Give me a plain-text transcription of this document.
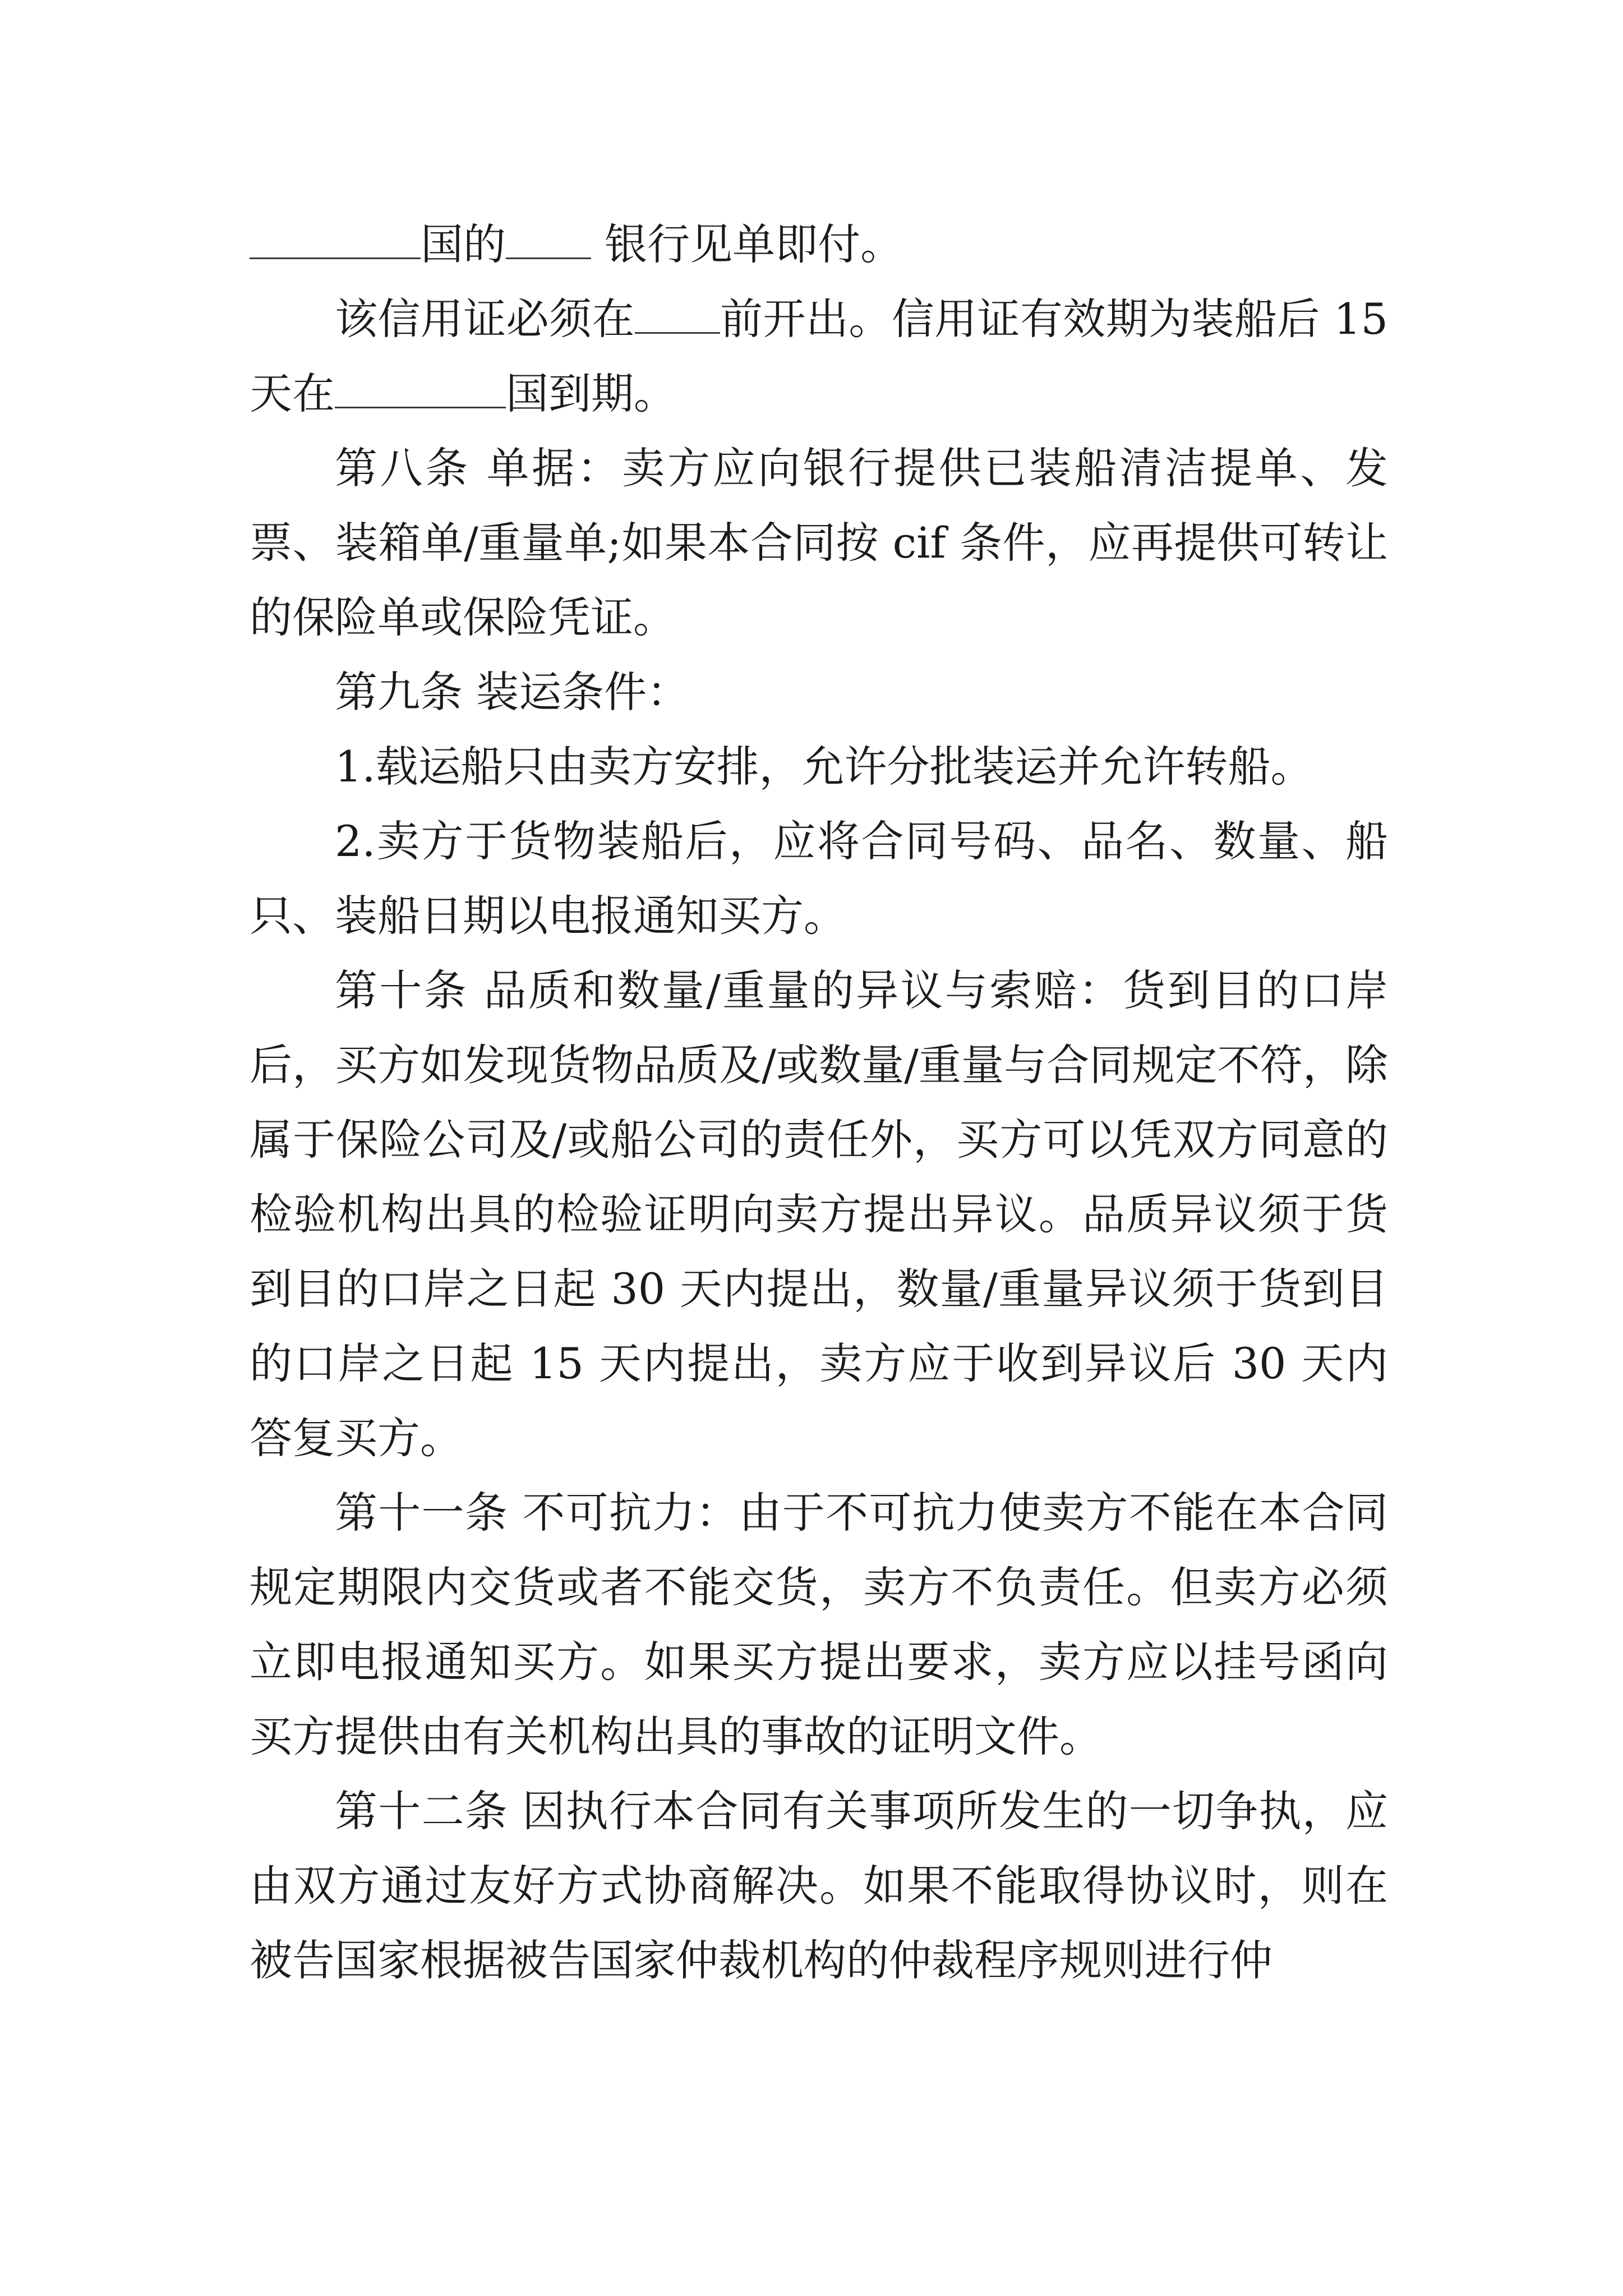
国的 银行见单即付。

该信用证必须在 前开出。信用证有效期为装船后 15 天在	国到期。

第八条 单据：卖方应向银行提供已装船清洁提单、发票、装箱单/重量单;如果本合同按 cif 条件，应再提供可转让的保险单或保险凭证。

第九条 装运条件：

1.载运船只由卖方安排，允许分批装运并允许转船。

2.卖方于货物装船后，应将合同号码、品名、数量、船只、装船日期以电报通知买方。

第十条 品质和数量/重量的异议与索赔：货到目的口岸后，买方如发现货物品质及/或数量/重量与合同规定不符，除属于保险公司及/或船公司的责任外，买方可以凭双方同意的检验机构出具的检验证明向卖方提出异议。品质异议须于货到目的口岸之日起 30 天内提出，数量/重量异议须于货到目的口岸之日起 15 天内提出，卖方应于收到异议后 30 天内答复买方。

第十一条 不可抗力：由于不可抗力使卖方不能在本合同规定期限内交货或者不能交货，卖方不负责任。但卖方必须立即电报通知买方。如果买方提出要求，卖方应以挂号函向买方提供由有关机构出具的事故的证明文件。

第十二条 因执行本合同有关事项所发生的一切争执，应由双方通过友好方式协商解决。如果不能取得协议时，则在被告国家根据被告国家仲裁机构的仲裁程序规则进行仲
